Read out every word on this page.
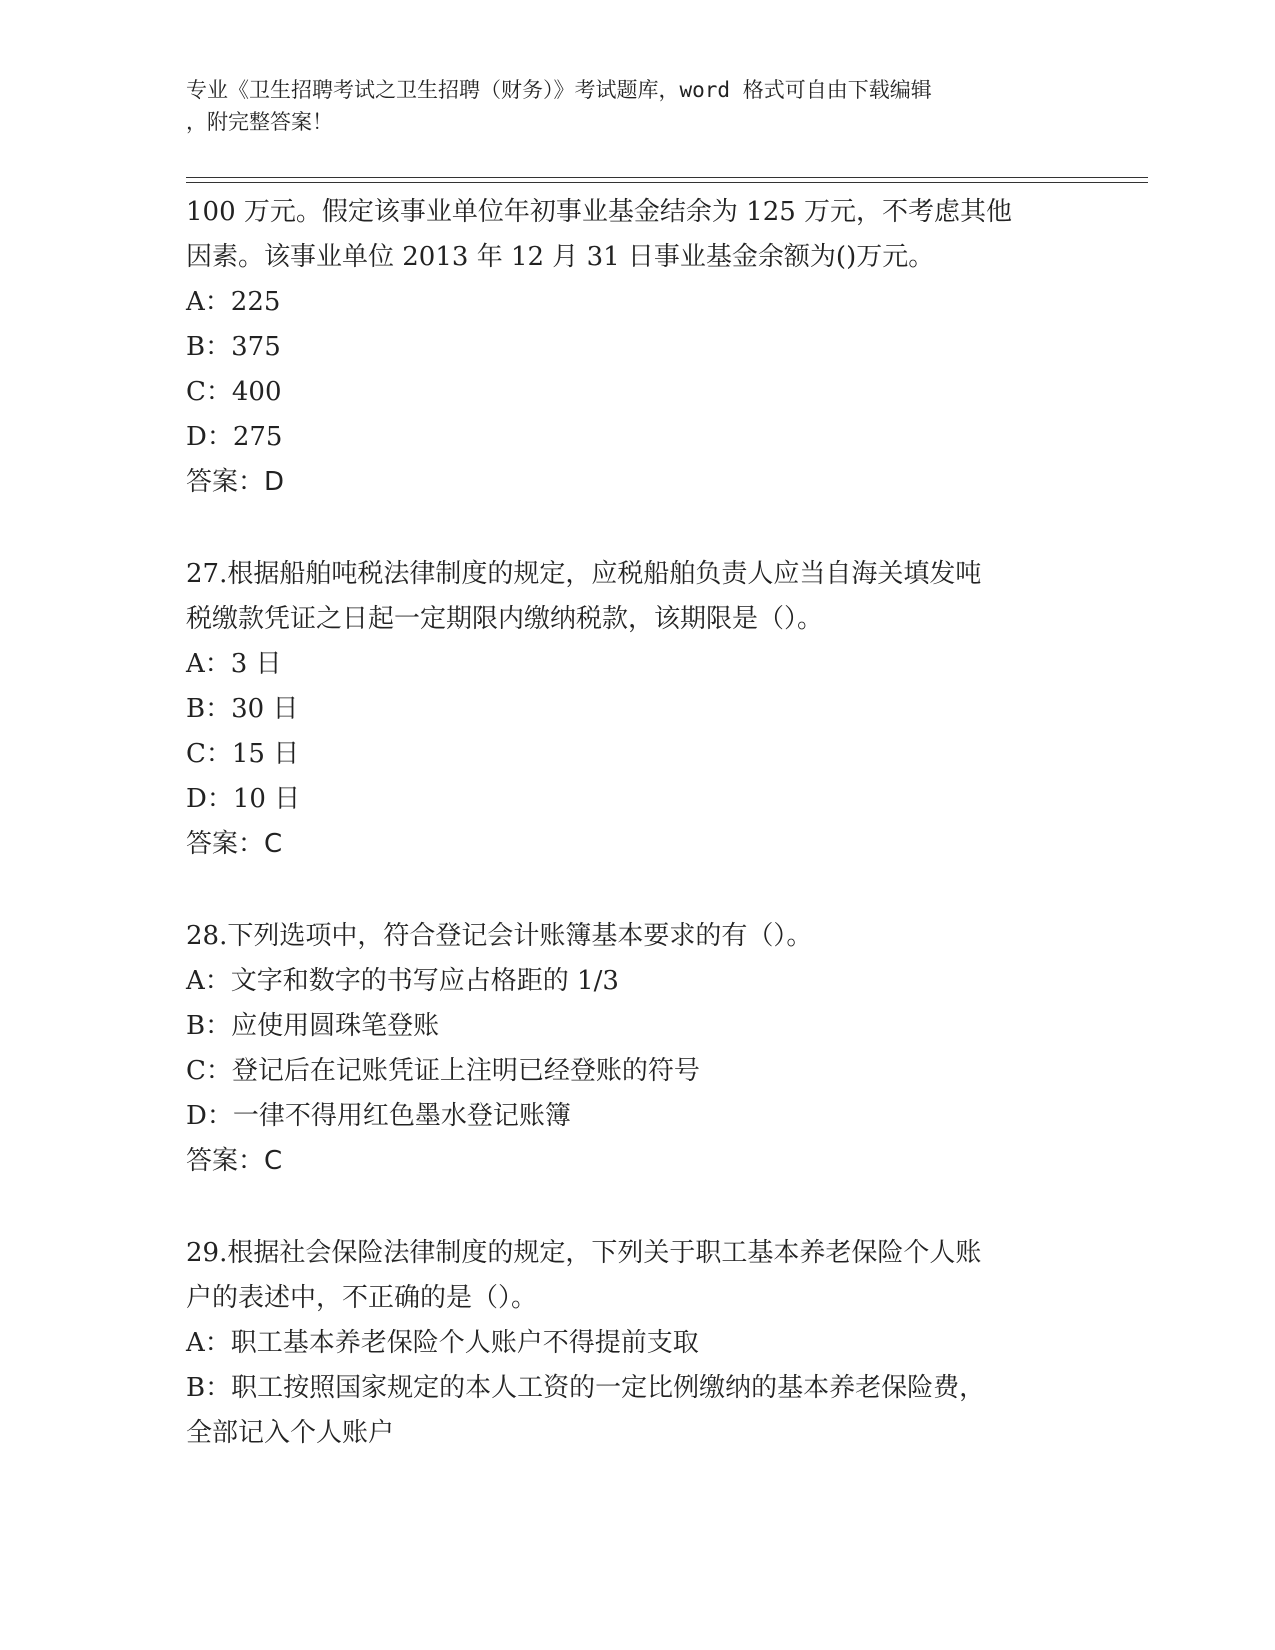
专业《卫生招聘考试之卫生招聘（财务）》考试题库，word 格式可自由下载编辑
，附完整答案！
100 万元。假定该事业单位年初事业基金结余为 125 万元，不考虑其他
因素。该事业单位 2013 年 12 月 31 日事业基金余额为()万元。
A：225
B：375
C：400
D：275
答案：D
27.根据船舶吨税法律制度的规定，应税船舶负责人应当自海关填发吨
税缴款凭证之日起一定期限内缴纳税款，该期限是（）。
A：3 日
B：30 日
C：15 日
D：10 日
答案：C
28.下列选项中，符合登记会计账簿基本要求的有（）。
A：文字和数字的书写应占格距的 1/3
B：应使用圆珠笔登账
C：登记后在记账凭证上注明已经登账的符号
D：一律不得用红色墨水登记账簿
答案：C
29.根据社会保险法律制度的规定，下列关于职工基本养老保险个人账
户的表述中，不正确的是（）。
A：职工基本养老保险个人账户不得提前支取
B：职工按照国家规定的本人工资的一定比例缴纳的基本养老保险费，
全部记入个人账户
